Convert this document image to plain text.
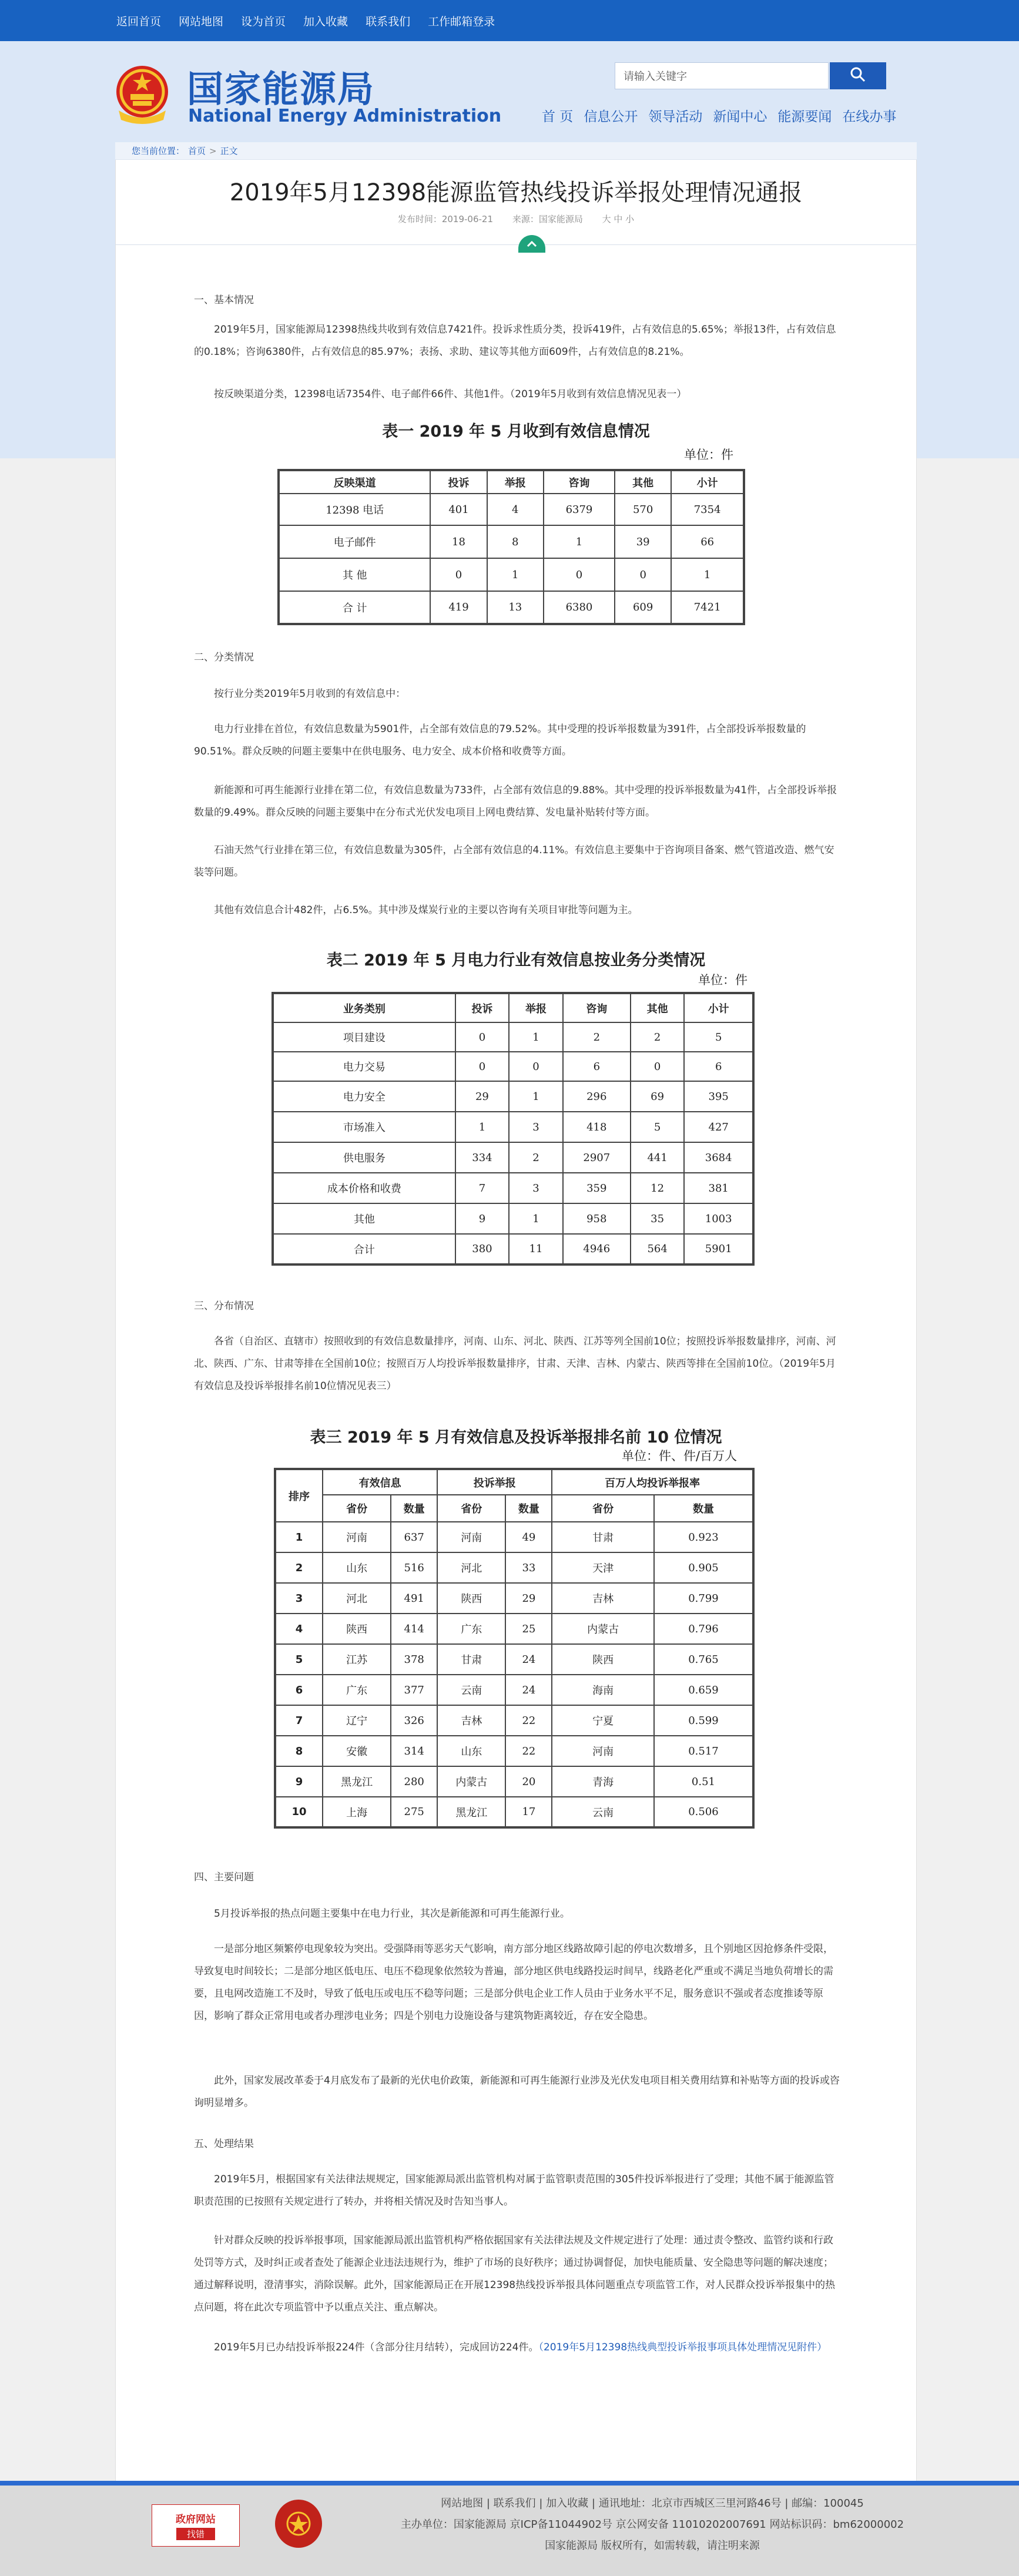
返回首页 网站地图 设为首页 加入收藏 联系我们 工作邮箱登录
国家能源局
National Energy Administration
请输入关键字
首 页 信息公开 领导活动 新闻中心 能源要闻 在线办事
您当前位置： 首页 > 正文
2019年5月12398能源监管热线投诉举报处理情况通报
发布时间：2019-06-21 来源：国家能源局 大 中 小
一、基本情况
2019年5月，国家能源局12398热线共收到有效信息7421件。投诉求性质分类，投诉419件，占有效信息的5.65%；举报13件，占有效信息的0.18%；咨询6380件，占有效信息的85.97%；表扬、求助、建议等其他方面609件，占有效信息的8.21%。
按反映渠道分类，12398电话7354件、电子邮件66件、其他1件。（2019年5月收到有效信息情况见表一）
表一 2019 年 5 月收到有效信息情况
单位：件
反映渠道	投诉	举报	咨询	其他	小计
12398 电话	401	4	6379	570	7354
电子邮件	18	8	1	39	66
其 他	0	1	0	0	1
合 计	419	13	6380	609	7421
二、分类情况
按行业分类2019年5月收到的有效信息中：
电力行业排在首位，有效信息数量为5901件，占全部有效信息的79.52%。其中受理的投诉举报数量为391件，占全部投诉举报数量的90.51%。群众反映的问题主要集中在供电服务、电力安全、成本价格和收费等方面。
新能源和可再生能源行业排在第二位，有效信息数量为733件，占全部有效信息的9.88%。其中受理的投诉举报数量为41件，占全部投诉举报数量的9.49%。群众反映的问题主要集中在分布式光伏发电项目上网电费结算、发电量补贴转付等方面。
石油天然气行业排在第三位，有效信息数量为305件，占全部有效信息的4.11%。有效信息主要集中于咨询项目备案、燃气管道改造、燃气安装等问题。
其他有效信息合计482件，占6.5%。其中涉及煤炭行业的主要以咨询有关项目审批等问题为主。
表二 2019 年 5 月电力行业有效信息按业务分类情况
单位：件
业务类别	投诉	举报	咨询	其他	小计
项目建设	0	1	2	2	5
电力交易	0	0	6	0	6
电力安全	29	1	296	69	395
市场准入	1	3	418	5	427
供电服务	334	2	2907	441	3684
成本价格和收费	7	3	359	12	381
其他	9	1	958	35	1003
合计	380	11	4946	564	5901
三、分布情况
各省（自治区、直辖市）按照收到的有效信息数量排序，河南、山东、河北、陕西、江苏等列全国前10位；按照投诉举报数量排序，河南、河北、陕西、广东、甘肃等排在全国前10位；按照百万人均投诉举报数量排序，甘肃、天津、吉林、内蒙古、陕西等排在全国前10位。（2019年5月有效信息及投诉举报排名前10位情况见表三）
表三 2019 年 5 月有效信息及投诉举报排名前 10 位情况
单位：件、件/百万人
排序	有效信息		投诉举报		百万人均投诉举报率	
	省份	数量	省份	数量	省份	数量
1	河南	637	河南	49	甘肃	0.923
2	山东	516	河北	33	天津	0.905
3	河北	491	陕西	29	吉林	0.799
4	陕西	414	广东	25	内蒙古	0.796
5	江苏	378	甘肃	24	陕西	0.765
6	广东	377	云南	24	海南	0.659
7	辽宁	326	吉林	22	宁夏	0.599
8	安徽	314	山东	22	河南	0.517
9	黑龙江	280	内蒙古	20	青海	0.51
10	上海	275	黑龙江	17	云南	0.506
四、主要问题
5月投诉举报的热点问题主要集中在电力行业，其次是新能源和可再生能源行业。
一是部分地区频繁停电现象较为突出。受强降雨等恶劣天气影响，南方部分地区线路故障引起的停电次数增多，且个别地区因抢修条件受限，导致复电时间较长；二是部分地区低电压、电压不稳现象依然较为普遍，部分地区供电线路投运时间早，线路老化严重或不满足当地负荷增长的需要，且电网改造施工不及时，导致了低电压或电压不稳等问题；三是部分供电企业工作人员由于业务水平不足，服务意识不强或者态度推诿等原因，影响了群众正常用电或者办理涉电业务；四是个别电力设施设备与建筑物距离较近，存在安全隐患。
此外，国家发展改革委于4月底发布了最新的光伏电价政策，新能源和可再生能源行业涉及光伏发电项目相关费用结算和补贴等方面的投诉或咨询明显增多。
五、处理结果
2019年5月，根据国家有关法律法规规定，国家能源局派出监管机构对属于监管职责范围的305件投诉举报进行了受理；其他不属于能源监管职责范围的已按照有关规定进行了转办，并将相关情况及时告知当事人。
针对群众反映的投诉举报事项，国家能源局派出监管机构严格依据国家有关法律法规及文件规定进行了处理：通过责令整改、监管约谈和行政处罚等方式，及时纠正或者查处了能源企业违法违规行为，维护了市场的良好秩序；通过协调督促，加快电能质量、安全隐患等问题的解决速度；通过解释说明，澄清事实，消除误解。此外，国家能源局正在开展12398热线投诉举报具体问题重点专项监管工作，对人民群众投诉举报集中的热点问题，将在此次专项监管中予以重点关注、重点解决。
2019年5月已办结投诉举报224件（含部分往月结转），完成回访224件。（2019年5月12398热线典型投诉举报事项具体处理情况见附件）
政府网站
找错
网站地图 | 联系我们 | 加入收藏 | 通讯地址：北京市西城区三里河路46号 | 邮编：100045
主办单位：国家能源局 京ICP备11044902号 京公网安备 11010202007691 网站标识码：bm62000002
国家能源局 版权所有，如需转载，请注明来源
